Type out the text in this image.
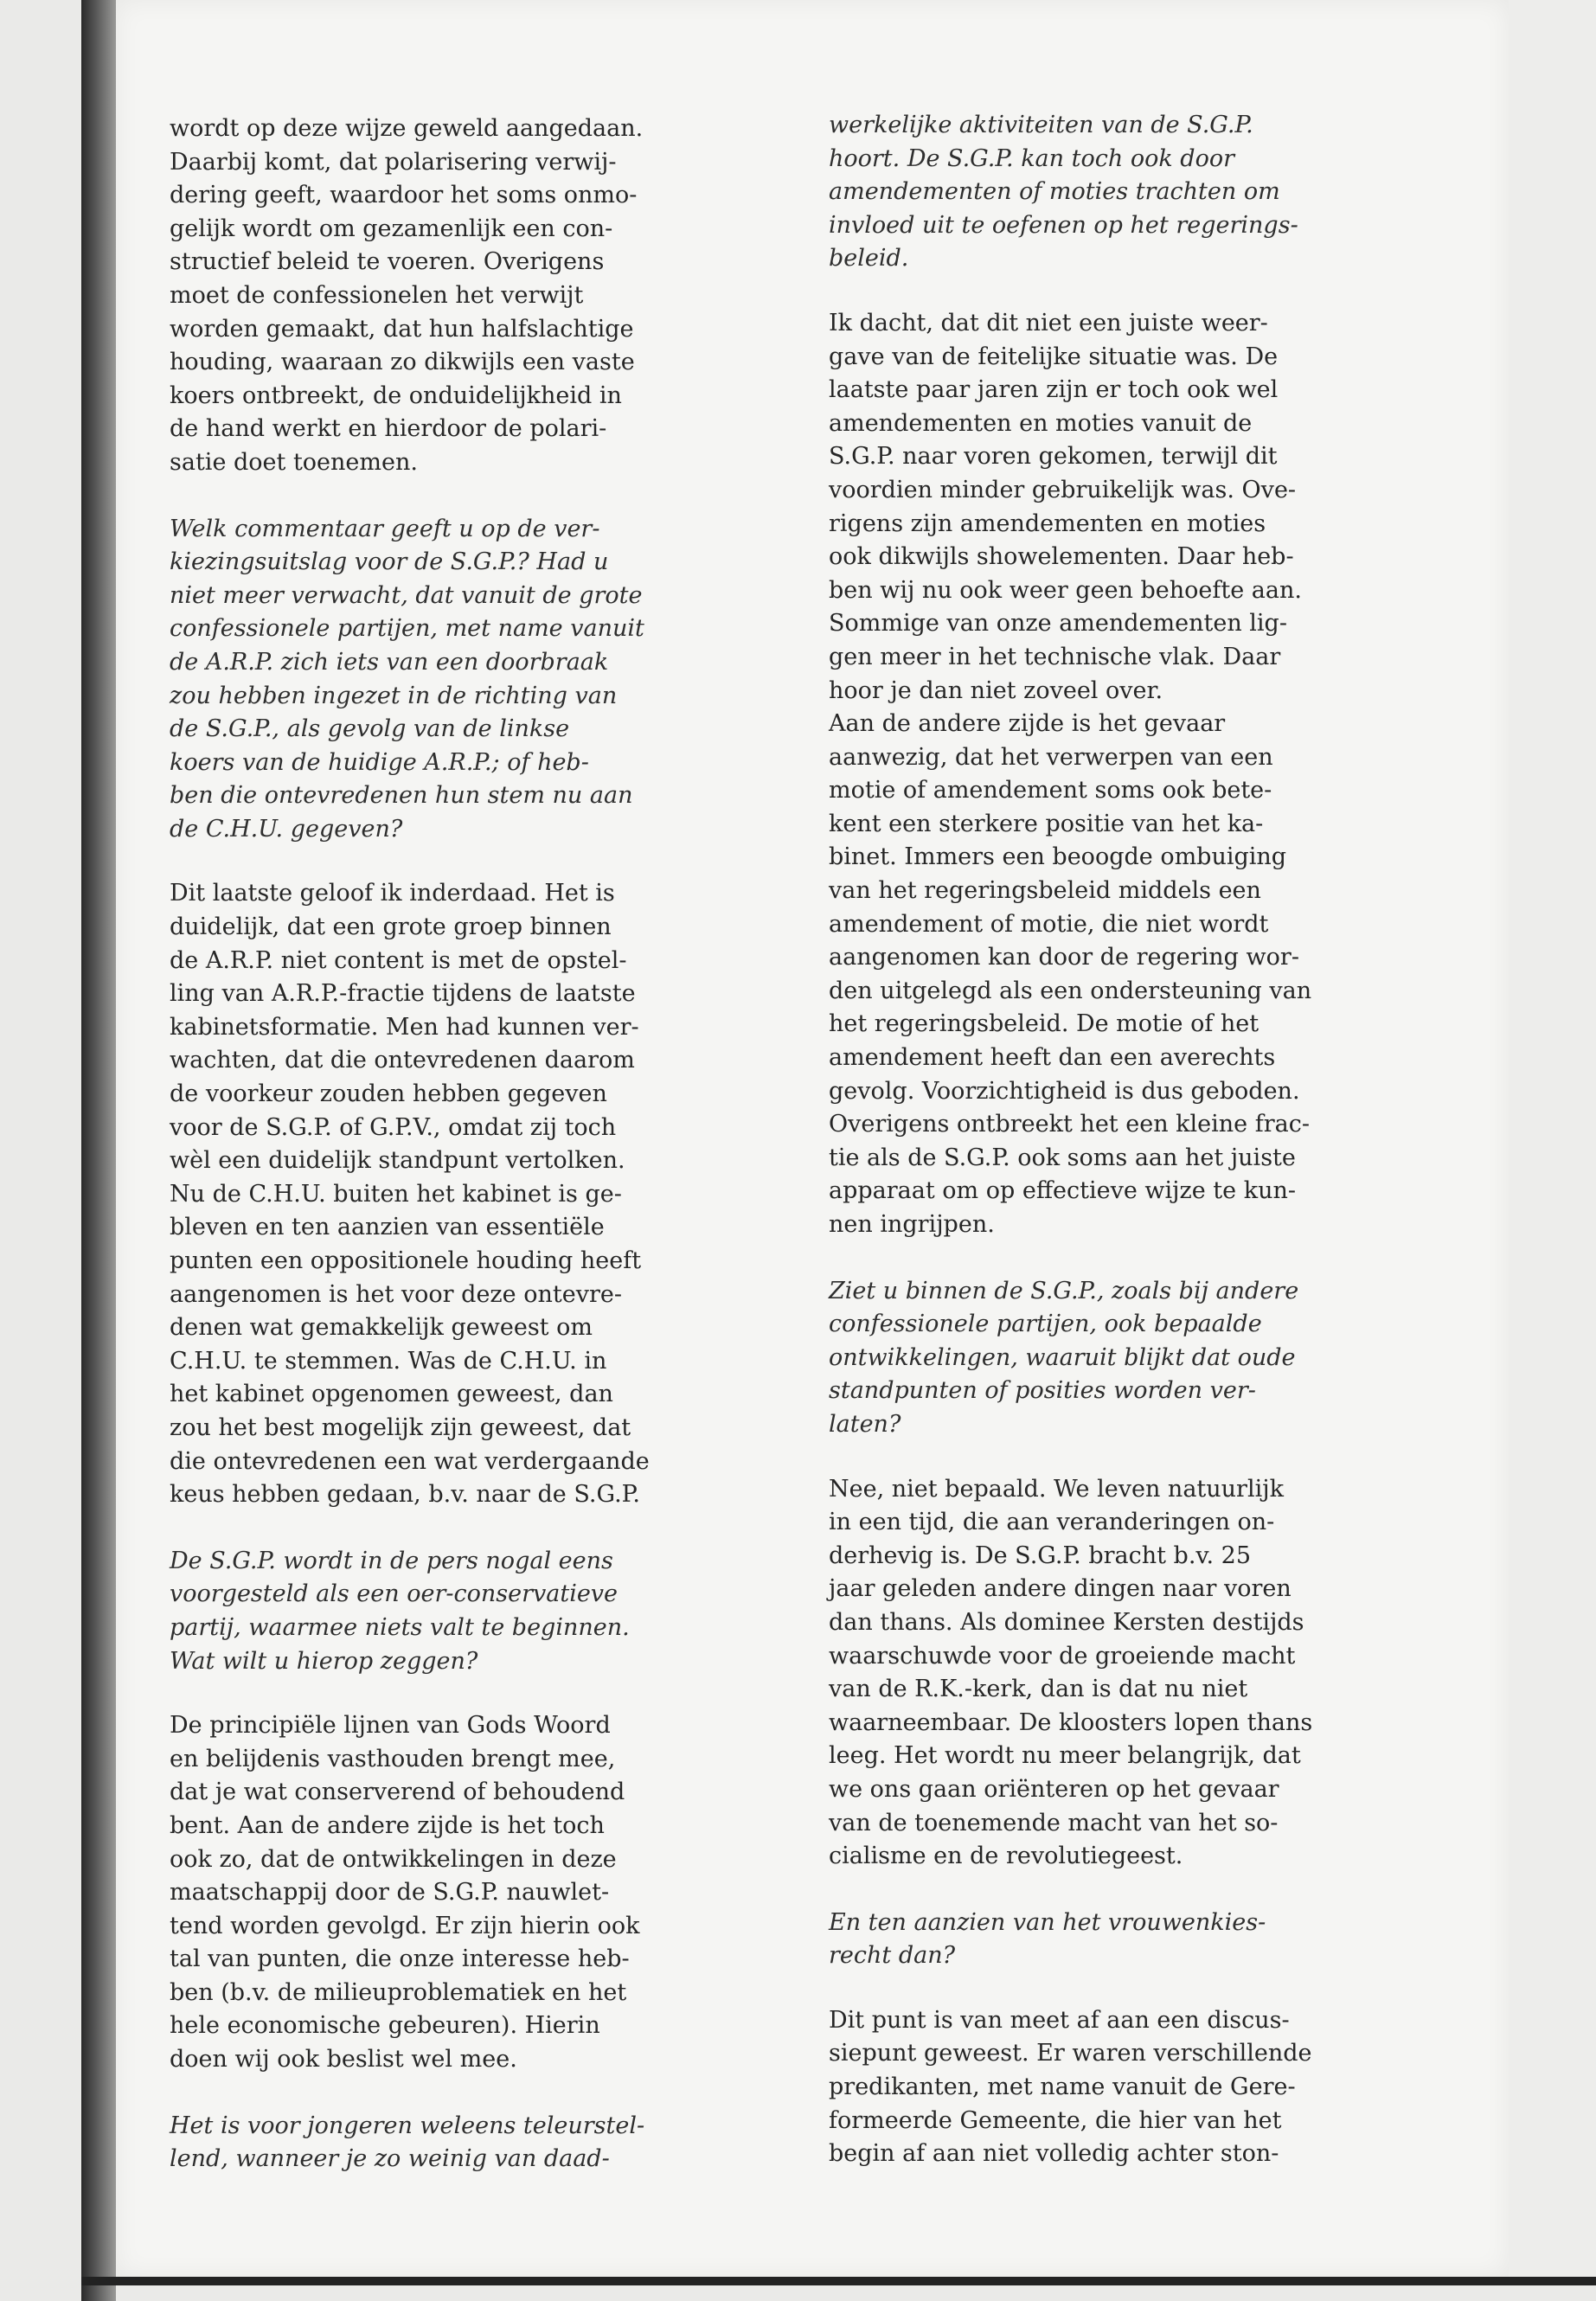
wordt op deze wijze geweld aangedaan.
Daarbij komt, dat polarisering verwij-
dering geeft, waardoor het soms onmo-
gelijk wordt om gezamenlijk een con-
structief beleid te voeren. Overigens
moet de confessionelen het verwijt
worden gemaakt, dat hun halfslachtige
houding, waaraan zo dikwijls een vaste
koers ontbreekt, de onduidelijkheid in
de hand werkt en hierdoor de polari-
satie doet toenemen.

Welk commentaar geeft u op de ver-
kiezingsuitslag voor de S.G.P.? Had u
niet meer verwacht, dat vanuit de grote
confessionele partijen, met name vanuit
de A.R.P. zich iets van een doorbraak
zou hebben ingezet in de richting van
de S.G.P., als gevolg van de linkse
koers van de huidige A.R.P.; of heb-
ben die ontevredenen hun stem nu aan
de C.H.U. gegeven?

Dit laatste geloof ik inderdaad. Het is
duidelijk, dat een grote groep binnen
de A.R.P. niet content is met de opstel-
ling van A.R.P.-fractie tijdens de laatste
kabinetsformatie. Men had kunnen ver-
wachten, dat die ontevredenen daarom
de voorkeur zouden hebben gegeven
voor de S.G.P. of G.P.V., omdat zij toch
wèl een duidelijk standpunt vertolken.
Nu de C.H.U. buiten het kabinet is ge-
bleven en ten aanzien van essentiële
punten een oppositionele houding heeft
aangenomen is het voor deze ontevre-
denen wat gemakkelijk geweest om
C.H.U. te stemmen. Was de C.H.U. in
het kabinet opgenomen geweest, dan
zou het best mogelijk zijn geweest, dat
die ontevredenen een wat verdergaande
keus hebben gedaan, b.v. naar de S.G.P.

De S.G.P. wordt in de pers nogal eens
voorgesteld als een oer-conservatieve
partij, waarmee niets valt te beginnen.
Wat wilt u hierop zeggen?

De principiële lijnen van Gods Woord
en belijdenis vasthouden brengt mee,
dat je wat conserverend of behoudend
bent. Aan de andere zijde is het toch
ook zo, dat de ontwikkelingen in deze
maatschappij door de S.G.P. nauwlet-
tend worden gevolgd. Er zijn hierin ook
tal van punten, die onze interesse heb-
ben (b.v. de milieuproblematiek en het
hele economische gebeuren). Hierin
doen wij ook beslist wel mee.

Het is voor jongeren weleens teleurstel-
lend, wanneer je zo weinig van daad-

werkelijke aktiviteiten van de S.G.P.
hoort. De S.G.P. kan toch ook door
amendementen of moties trachten om
invloed uit te oefenen op het regerings-
beleid.

Ik dacht, dat dit niet een juiste weer-
gave van de feitelijke situatie was. De
laatste paar jaren zijn er toch ook wel
amendementen en moties vanuit de
S.G.P. naar voren gekomen, terwijl dit
voordien minder gebruikelijk was. Ove-
rigens zijn amendementen en moties
ook dikwijls showelementen. Daar heb-
ben wij nu ook weer geen behoefte aan.
Sommige van onze amendementen lig-
gen meer in het technische vlak. Daar
hoor je dan niet zoveel over.

Aan de andere zijde is het gevaar
aanwezig, dat het verwerpen van een
motie of amendement soms ook bete-
kent een sterkere positie van het ka-
binet. Immers een beoogde ombuiging
van het regeringsbeleid middels een
amendement of motie, die niet wordt
aangenomen kan door de regering wor-
den uitgelegd als een ondersteuning van
het regeringsbeleid. De motie of het
amendement heeft dan een averechts
gevolg. Voorzichtigheid is dus geboden.
Overigens ontbreekt het een kleine frac-
tie als de S.G.P. ook soms aan het juiste
apparaat om op effectieve wijze te kun-
nen ingrijpen.

Ziet u binnen de S.G.P., zoals bij andere
confessionele partijen, ook bepaalde
ontwikkelingen, waaruit blijkt dat oude
standpunten of posities worden ver-
laten?

Nee, niet bepaald. We leven natuurlijk
in een tijd, die aan veranderingen on-
derhevig is. De S.G.P. bracht b.v. 25
jaar geleden andere dingen naar voren
dan thans. Als dominee Kersten destijds
waarschuwde voor de groeiende macht
van de R.K.-kerk, dan is dat nu niet
waarneembaar. De kloosters lopen thans
leeg. Het wordt nu meer belangrijk, dat
we ons gaan oriënteren op het gevaar
van de toenemende macht van het so-
cialisme en de revolutiegeest.

En ten aanzien van het vrouwenkies-
recht dan?

Dit punt is van meet af aan een discus-
siepunt geweest. Er waren verschillende
predikanten, met name vanuit de Gere-
formeerde Gemeente, die hier van het
begin af aan niet volledig achter ston-
